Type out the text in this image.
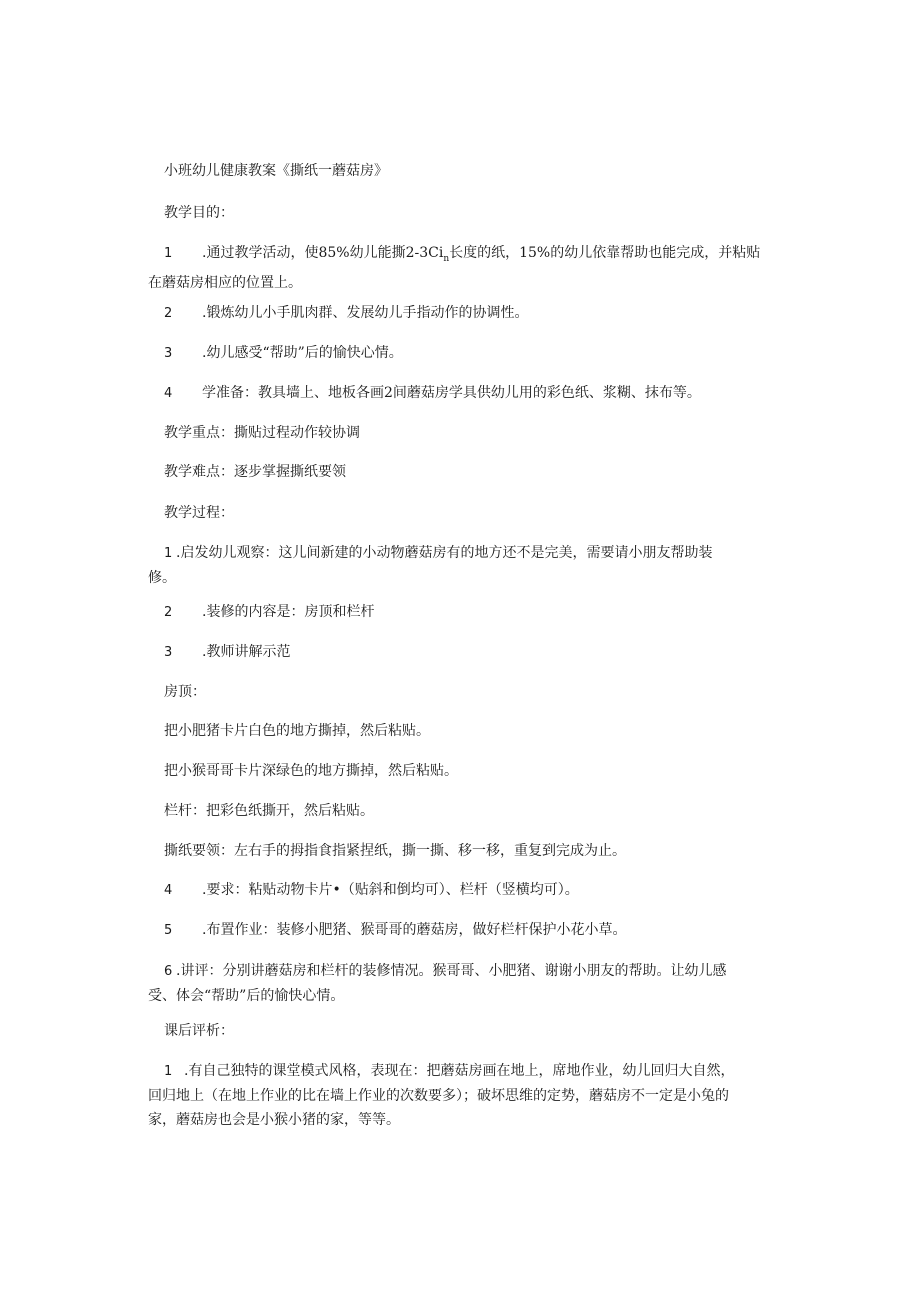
小班幼儿健康教案《撕纸一蘑菇房》
教学目的：
1 .通过教学活动，使85%幼儿能撕$2-3Ci_n$长度的纸，15%的幼儿依靠帮助也能完成，并粘贴
在蘑菇房相应的位置上。
2 .锻炼幼儿小手肌肉群、发展幼儿手指动作的协调性。
3 .幼儿感受“帮助”后的愉快心情。
4 学准备：教具墙上、地板各画2间蘑菇房学具供幼儿用的彩色纸、浆糊、抹布等。
教学重点：撕贴过程动作较协调
教学难点：逐步掌握撕纸要领
教学过程：
1 .启发幼儿观察：这儿间新建的小动物蘑菇房有的地方还不是完美，需要请小朋友帮助装
修。
2 .装修的内容是：房顶和栏杆
3 .教师讲解示范
房顶：
把小肥猪卡片白色的地方撕掉，然后粘贴。
把小猴哥哥卡片深绿色的地方撕掉，然后粘贴。
栏杆：把彩色纸撕开，然后粘贴。
撕纸要领：左右手的拇指食指紧捏纸，撕一撕、移一移，重复到完成为止。
4 .要求：粘贴动物卡片•（贴斜和倒均可）、栏杆（竖横均可）。
5 .布置作业：装修小肥猪、猴哥哥的蘑菇房，做好栏杆保护小花小草。
6 .讲评：分别讲蘑菇房和栏杆的装修情况。猴哥哥、小肥猪、谢谢小朋友的帮助。让幼儿感
受、体会“帮助”后的愉快心情。
课后评析：
1 .有自己独特的课堂模式风格，表现在：把蘑菇房画在地上，席地作业，幼儿回归大自然，
回归地上（在地上作业的比在墙上作业的次数要多）；破坏思维的定势，蘑菇房不一定是小兔的
家，蘑菇房也会是小猴小猪的家，等等。
